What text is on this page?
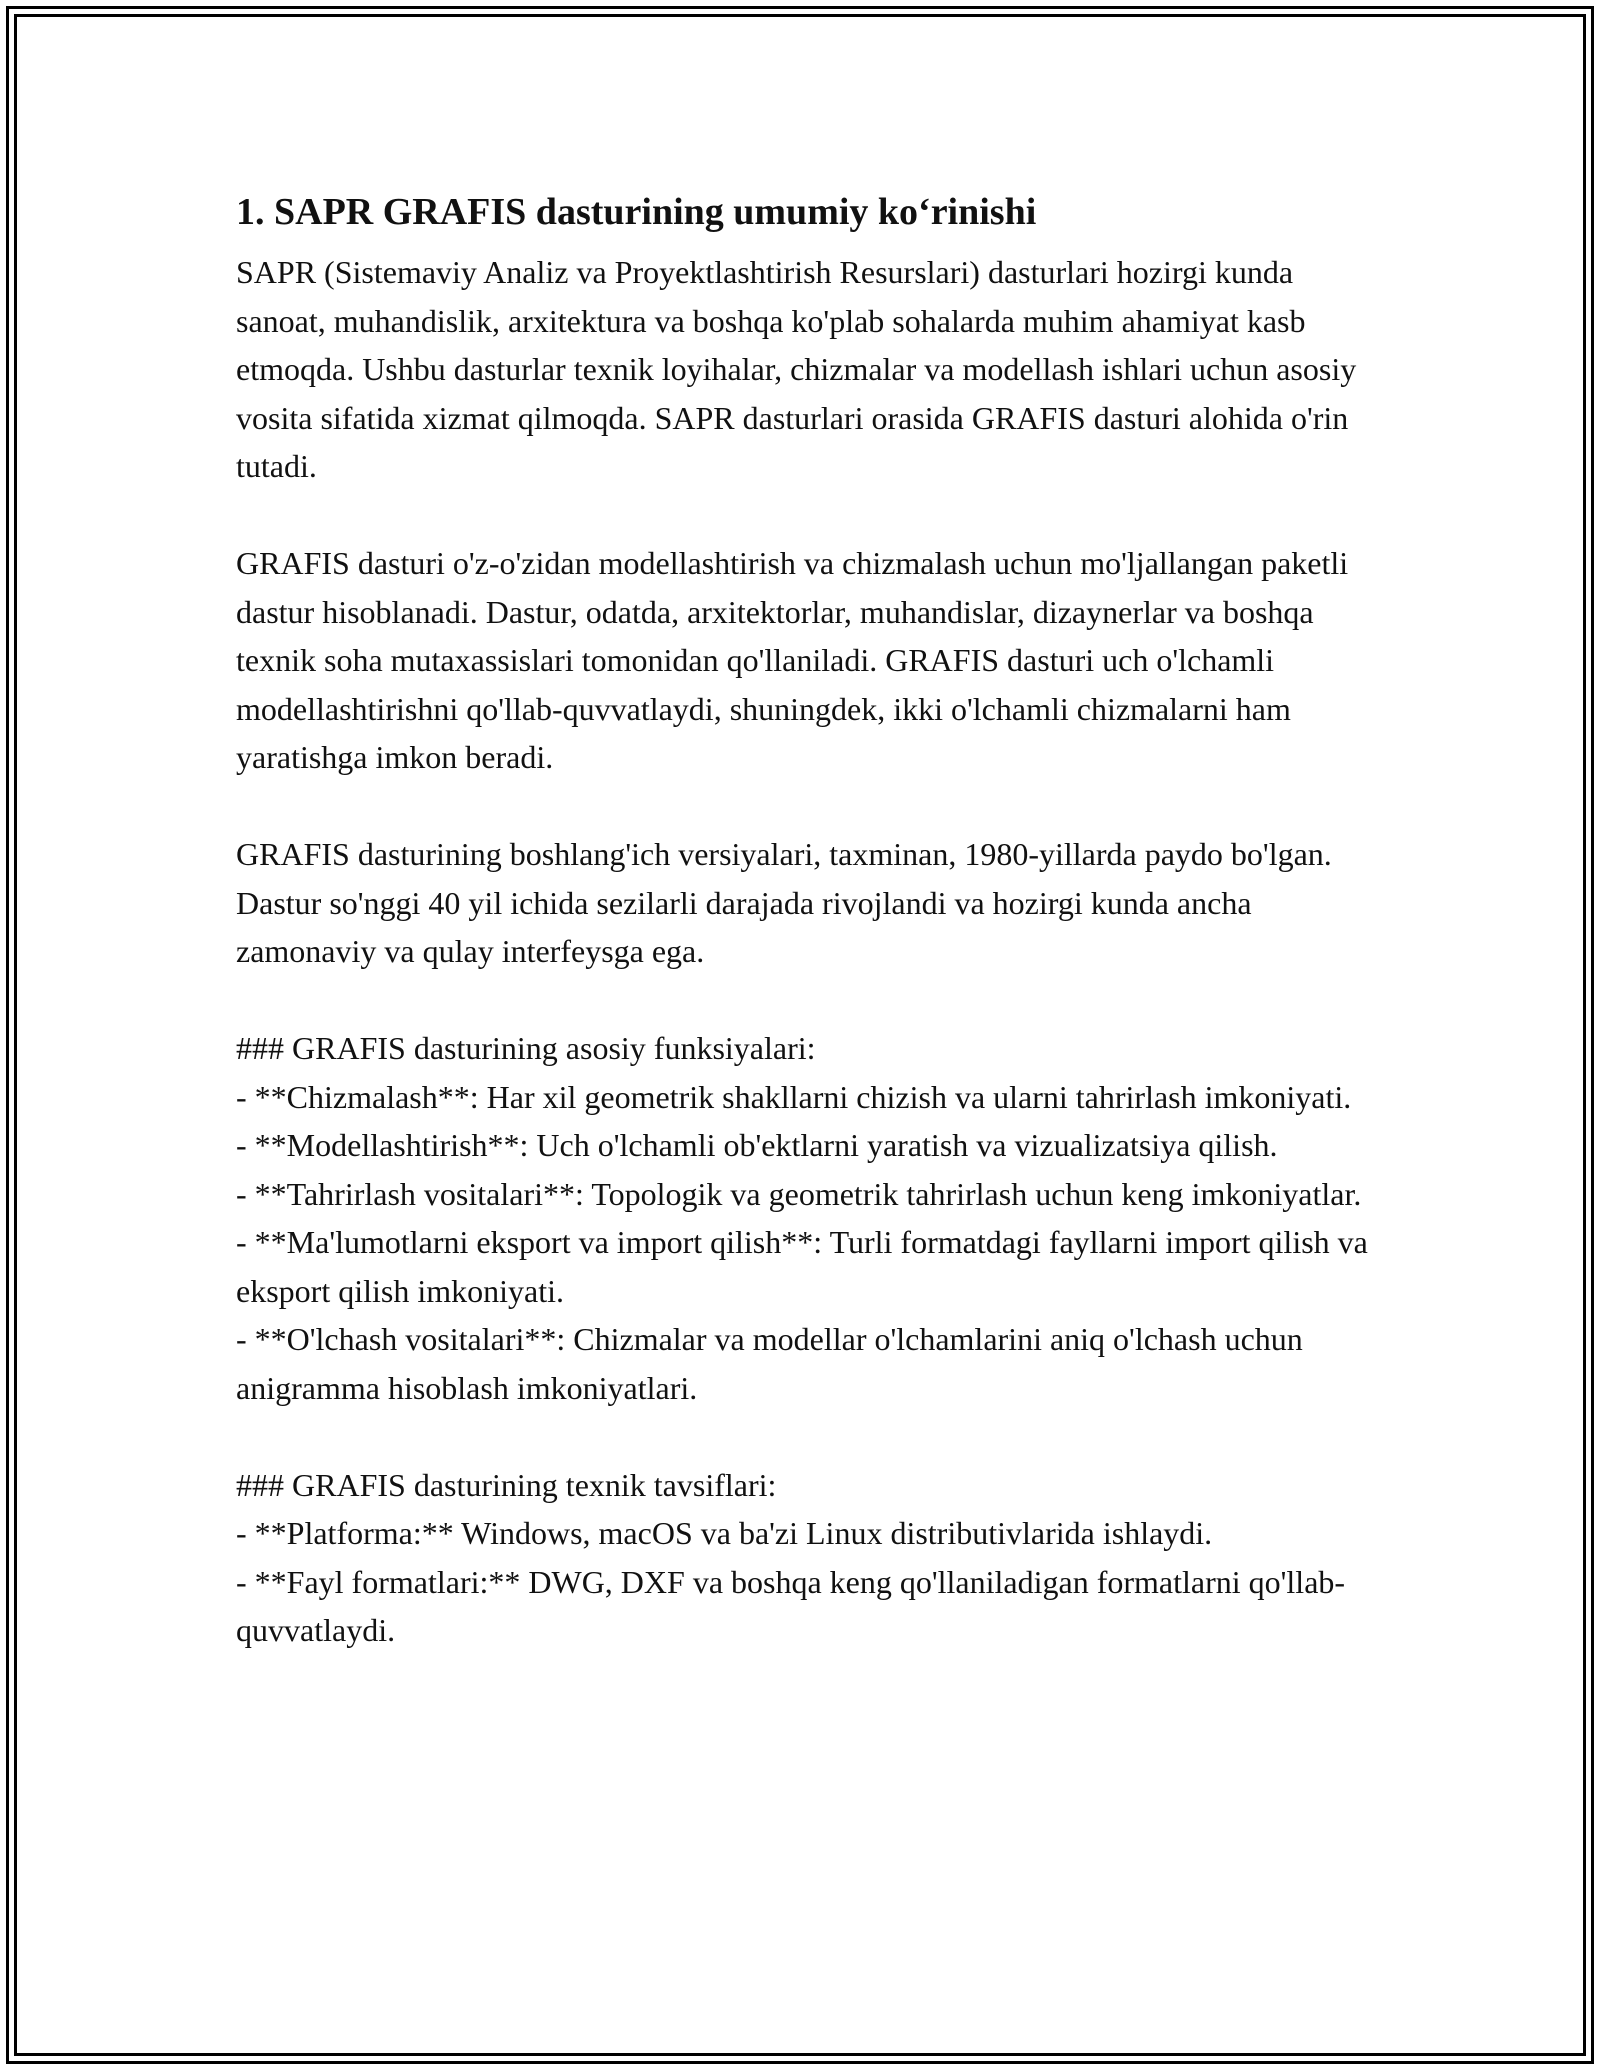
1. SAPR GRAFIS dasturining umumiy ko‘rinishi

SAPR (Sistemaviy Analiz va Proyektlashtirish Resurslari) dasturlari hozirgi kunda sanoat, muhandislik, arxitektura va boshqa ko'plab sohalarda muhim ahamiyat kasb etmoqda. Ushbu dasturlar texnik loyihalar, chizmalar va modellash ishlari uchun asosiy vosita sifatida xizmat qilmoqda. SAPR dasturlari orasida GRAFIS dasturi alohida o'rin tutadi.

GRAFIS dasturi o'z-o'zidan modellashtirish va chizmalash uchun mo'ljallangan paketli dastur hisoblanadi. Dastur, odatda, arxitektorlar, muhandislar, dizaynerlar va boshqa texnik soha mutaxassislari tomonidan qo'llaniladi. GRAFIS dasturi uch o'lchamli modellashtirishni qo'llab-quvvatlaydi, shuningdek, ikki o'lchamli chizmalarni ham yaratishga imkon beradi.

GRAFIS dasturining boshlang'ich versiyalari, taxminan, 1980-yillarda paydo bo'lgan. Dastur so'nggi 40 yil ichida sezilarli darajada rivojlandi va hozirgi kunda ancha zamonaviy va qulay interfeysga ega.

### GRAFIS dasturining asosiy funksiyalari:

- **Chizmalash**: Har xil geometrik shakllarni chizish va ularni tahrirlash imkoniyati.

- **Modellashtirish**: Uch o'lchamli ob'ektlarni yaratish va vizualizatsiya qilish.

- **Tahrirlash vositalari**: Topologik va geometrik tahrirlash uchun keng imkoniyatlar.

- **Ma'lumotlarni eksport va import qilish**: Turli formatdagi fayllarni import qilish va eksport qilish imkoniyati.

- **O'lchash vositalari**: Chizmalar va modellar o'lchamlarini aniq o'lchash uchun anigramma hisoblash imkoniyatlari.

### GRAFIS dasturining texnik tavsiflari:

- **Platforma:** Windows, macOS va ba'zi Linux distributivlarida ishlaydi.

- **Fayl formatlari:** DWG, DXF va boshqa keng qo'llaniladigan formatlarni qo'llab-quvvatlaydi.
